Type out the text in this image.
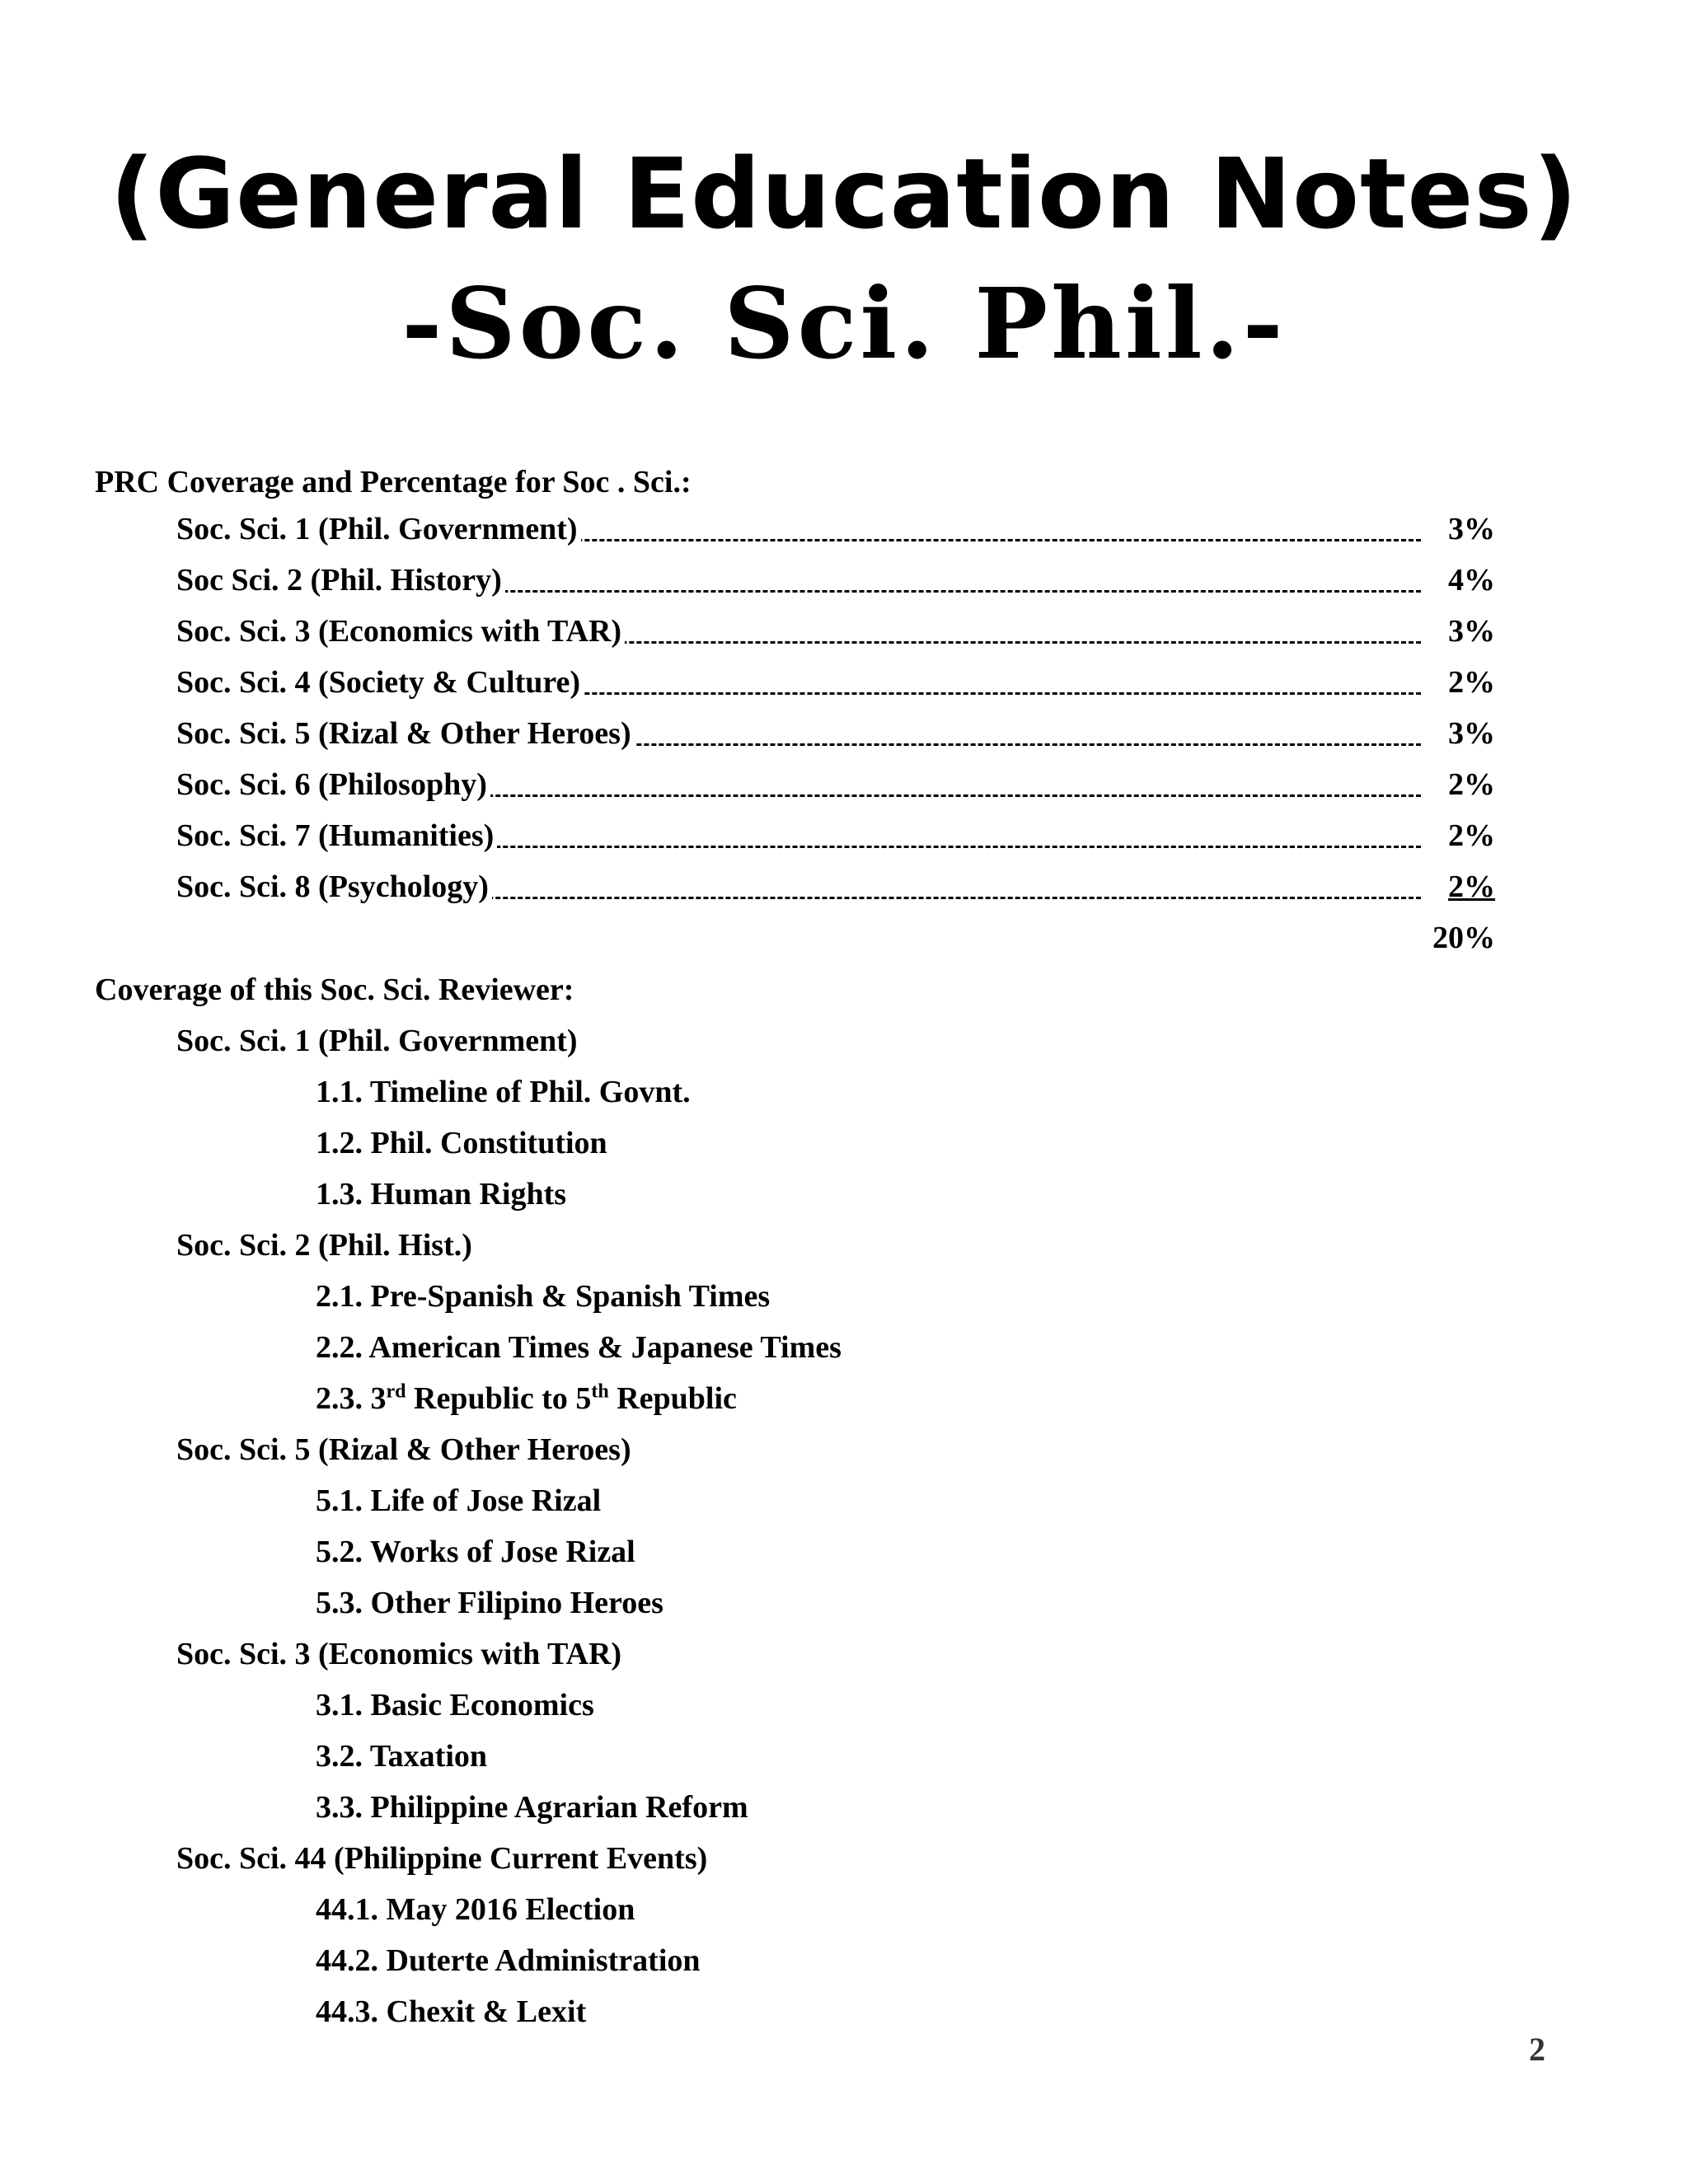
(General Education Notes)
-Soc. Sci. Phil.-
PRC Coverage and Percentage for Soc . Sci.:
Soc. Sci. 1 (Phil. Government)	3%
Soc Sci. 2 (Phil. History)	4%
Soc. Sci. 3 (Economics with TAR)	3%
Soc. Sci. 4 (Society & Culture)	2%
Soc. Sci. 5 (Rizal & Other Heroes)	3%
Soc. Sci. 6 (Philosophy)	2%
Soc. Sci. 7 (Humanities)	2%
Soc. Sci. 8 (Psychology)	2%
20%
Coverage of this Soc. Sci. Reviewer:
Soc. Sci. 1 (Phil. Government)
1.1. Timeline of Phil. Govnt.
1.2. Phil. Constitution
1.3. Human Rights
Soc. Sci. 2 (Phil. Hist.)
2.1. Pre-Spanish & Spanish Times
2.2. American Times & Japanese Times
2.3. 3rd Republic to 5th Republic
Soc. Sci. 5 (Rizal & Other Heroes)
5.1. Life of Jose Rizal
5.2. Works of Jose Rizal
5.3. Other Filipino Heroes
Soc. Sci. 3 (Economics with TAR)
3.1. Basic Economics
3.2. Taxation
3.3. Philippine Agrarian Reform
Soc. Sci. 44 (Philippine Current Events)
44.1. May 2016 Election
44.2. Duterte Administration
44.3. Chexit & Lexit
2
